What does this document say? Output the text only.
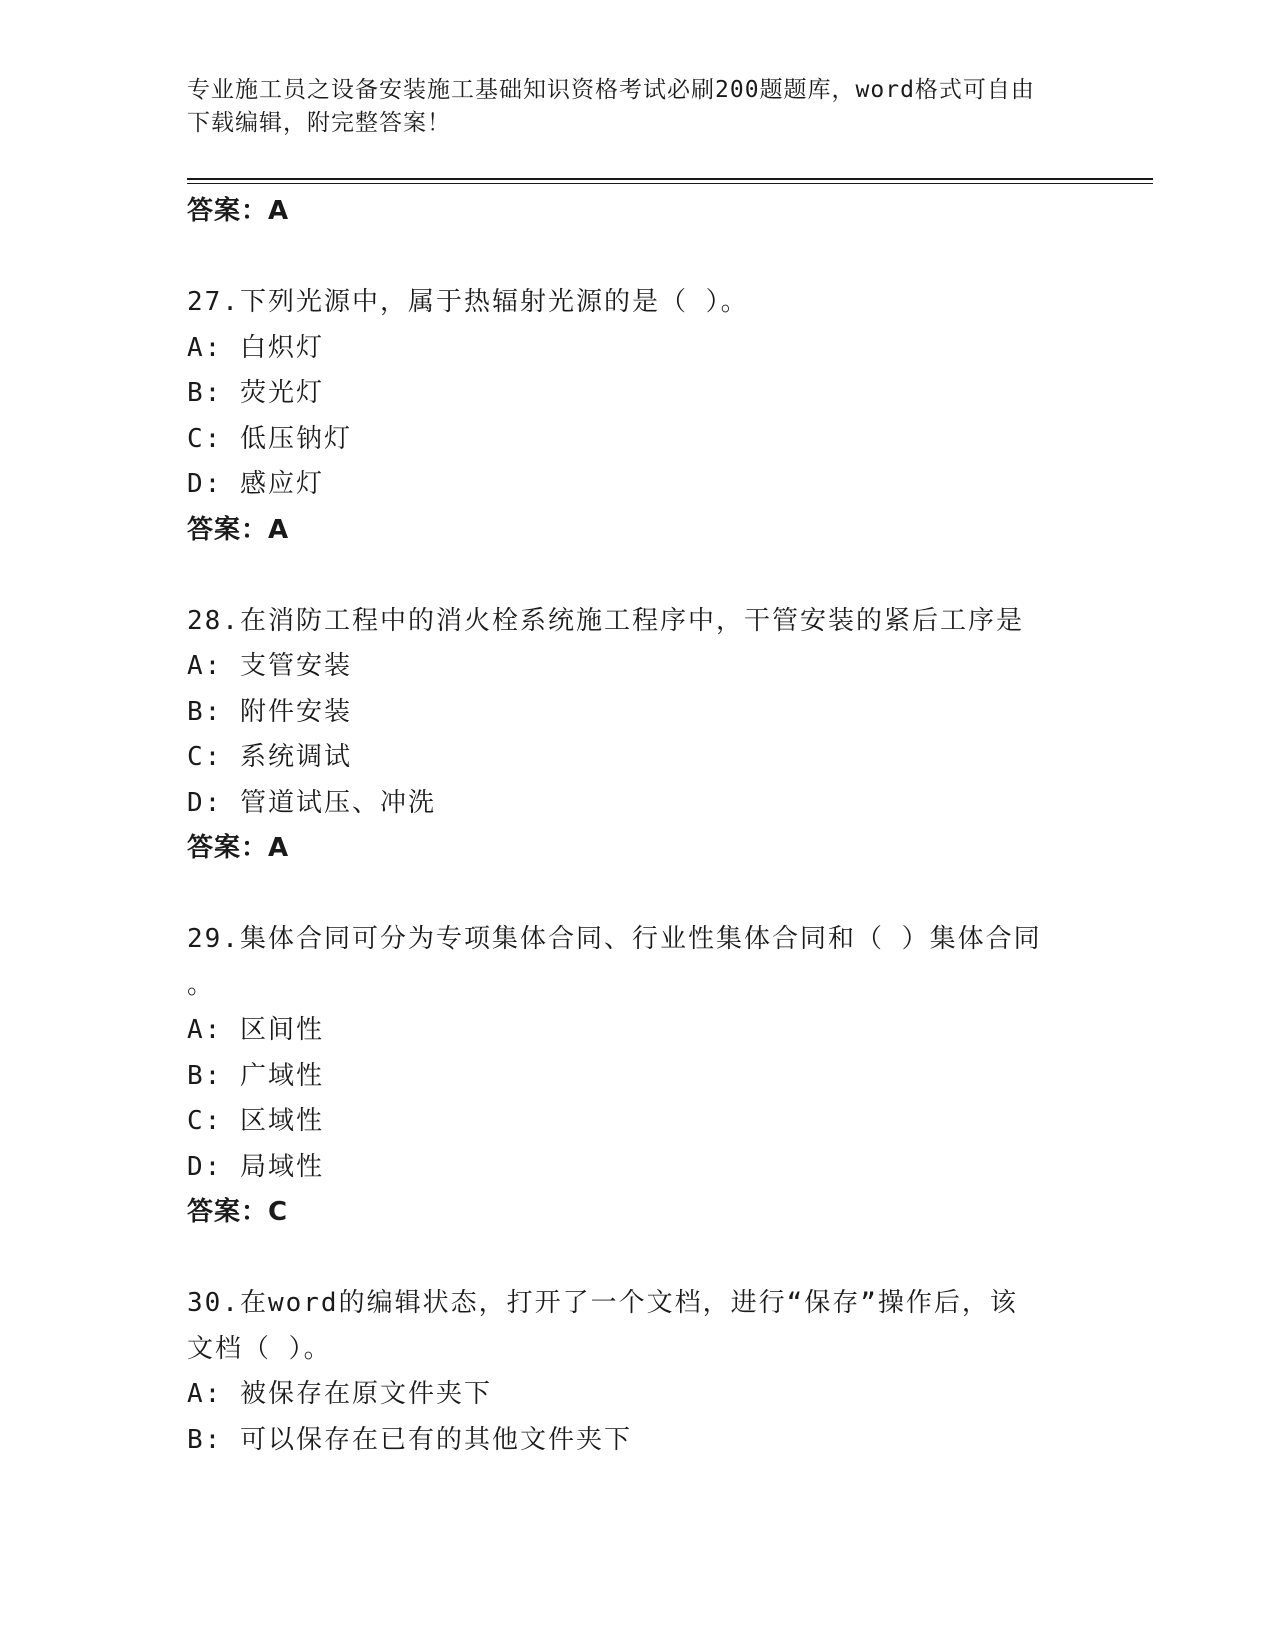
专业施工员之设备安装施工基础知识资格考试必刷200题题库，word格式可自由
下载编辑，附完整答案！
答案：A
27.下列光源中，属于热辐射光源的是（ ）。
A: 白炽灯
B: 荧光灯
C: 低压钠灯
D: 感应灯
答案：A
28.在消防工程中的消火栓系统施工程序中，干管安装的紧后工序是
A: 支管安装
B: 附件安装
C: 系统调试
D: 管道试压、冲洗
答案：A
29.集体合同可分为专项集体合同、行业性集体合同和（ ）集体合同
。
A: 区间性
B: 广域性
C: 区域性
D: 局域性
答案：C
30.在word的编辑状态，打开了一个文档，进行“保存”操作后，该
文档（ ）。
A: 被保存在原文件夹下
B: 可以保存在已有的其他文件夹下
